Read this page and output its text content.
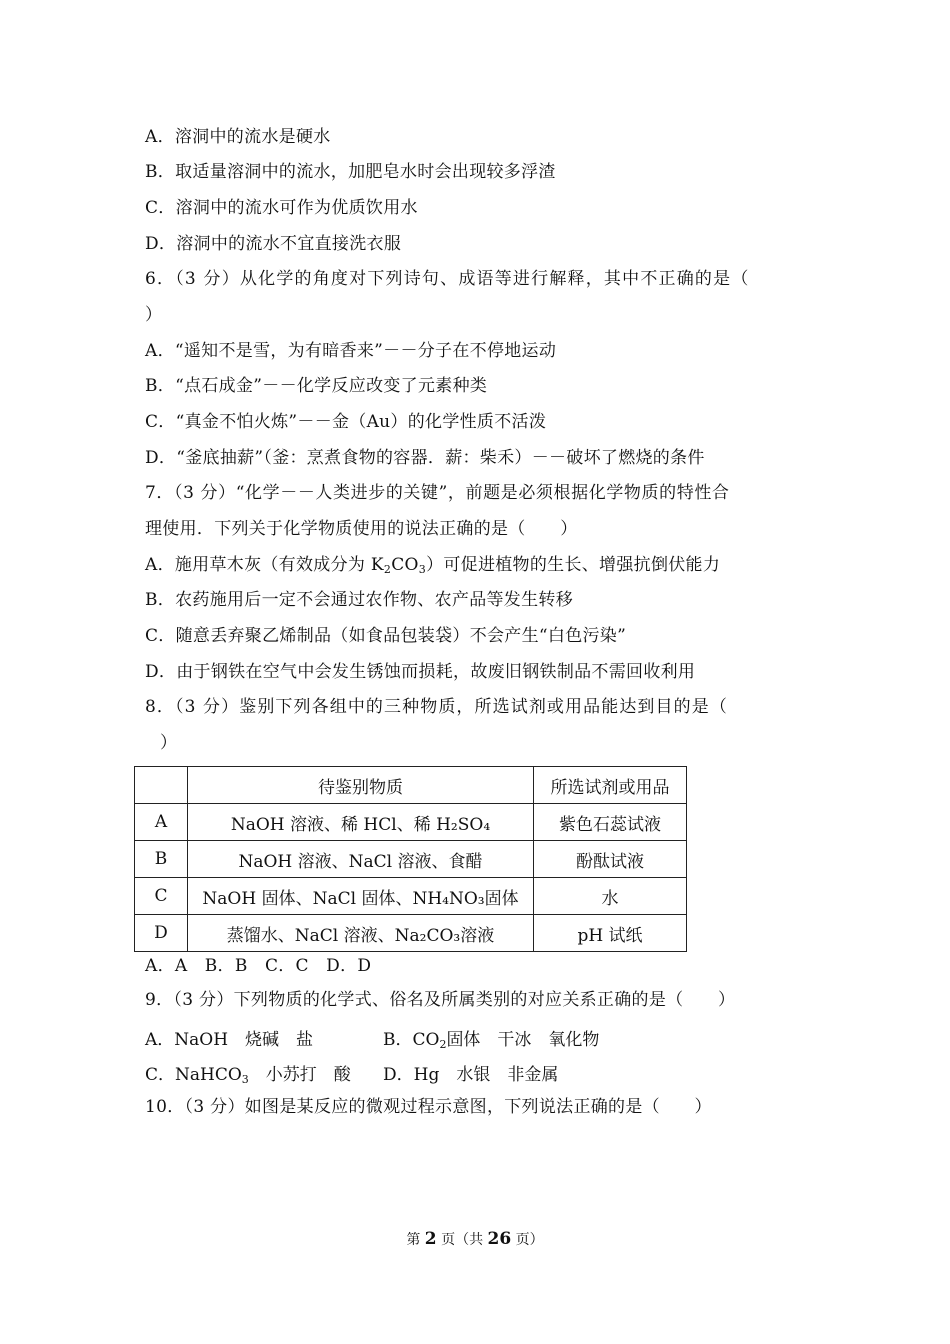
A．溶洞中的流水是硬水
B．取适量溶洞中的流水，加肥皂水时会出现较多浮渣
C．溶洞中的流水可作为优质饮用水
D．溶洞中的流水不宜直接洗衣服
6．（3 分）从化学的角度对下列诗句、成语等进行解释，其中不正确的是（
）
A．“遥知不是雪，为有暗香来”－－分子在不停地运动
B．“点石成金”－－化学反应改变了元素种类
C．“真金不怕火炼”－－金（Au）的化学性质不活泼
D．“釜底抽薪”（釜：烹煮食物的容器．薪：柴禾）－－破坏了燃烧的条件
7．（3 分）“化学－－人类进步的关键”，前题是必须根据化学物质的特性合
理使用．下列关于化学物质使用的说法正确的是（　　）
A．施用草木灰（有效成分为 $K_2CO_3$）可促进植物的生长、增强抗倒伏能力
B．农药施用后一定不会通过农作物、农产品等发生转移
C．随意丢弃聚乙烯制品（如食品包装袋）不会产生“白色污染”
D．由于钢铁在空气中会发生锈蚀而损耗，故废旧钢铁制品不需回收利用
8．（3 分）鉴别下列各组中的三种物质，所选试剂或用品能达到目的是（
）
	待鉴别物质	所选试剂或用品
A	NaOH 溶液、稀 HCl、稀 H₂SO₄	紫色石蕊试液
B	NaOH 溶液、NaCl 溶液、食醋	酚酞试液
C	NaOH 固体、NaCl 固体、NH₄NO₃固体	水
D	蒸馏水、NaCl 溶液、Na₂CO₃溶液	pH 试纸
A．A　B．B　C．C　D．D
9．（3 分）下列物质的化学式、俗名及所属类别的对应关系正确的是（　　）
A．NaOH　烧碱　盐	B．$CO_2$固体　干冰　氧化物
C．NaHCO$_3$　小苏打　酸 D．Hg　水银　非金属
10．（3 分）如图是某反应的微观过程示意图，下列说法正确的是（　　）
第 2 页（共 26 页）
